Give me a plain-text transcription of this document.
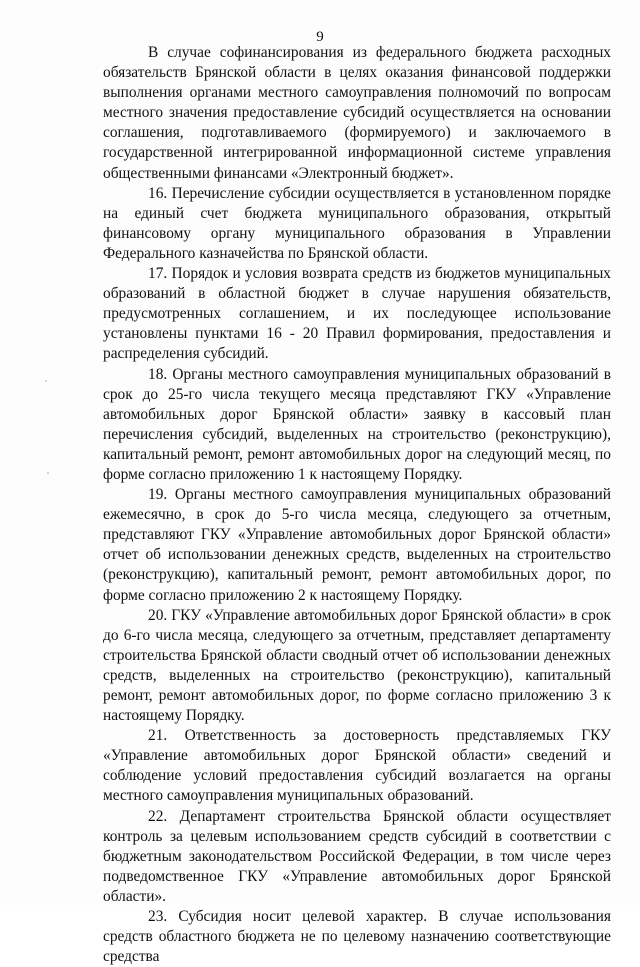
9

В случае софинансирования из федерального бюджета расходных обязательств Брянской области в целях оказания финансовой поддержки выполнения органами местного самоуправления полномочий по вопросам местного значения предоставление субсидий осуществляется на основании соглашения, подготавливаемого (формируемого) и заключаемого в государственной интегрированной информационной системе управления общественными финансами «Электронный бюджет».

16. Перечисление субсидии осуществляется в установленном порядке на единый счет бюджета муниципального образования, открытый финансовому органу муниципального образования в Управлении Федерального казначейства по Брянской области.

17. Порядок и условия возврата средств из бюджетов муниципальных образований в областной бюджет в случае нарушения обязательств, предусмотренных соглашением, и их последующее использование установлены пунктами 16 - 20 Правил формирования, предоставления и распределения субсидий.

18. Органы местного самоуправления муниципальных образований в срок до 25-го числа текущего месяца представляют ГКУ «Управление автомобильных дорог Брянской области» заявку в кассовый план перечисления субсидий, выделенных на строительство (реконструкцию), капитальный ремонт, ремонт автомобильных дорог на следующий месяц, по форме согласно приложению 1 к настоящему Порядку.

19. Органы местного самоуправления муниципальных образований ежемесячно, в срок до 5-го числа месяца, следующего за отчетным, представляют ГКУ «Управление автомобильных дорог Брянской области» отчет об использовании денежных средств, выделенных на строительство (реконструкцию), капитальный ремонт, ремонт автомобильных дорог, по форме согласно приложению 2 к настоящему Порядку.

20. ГКУ «Управление автомобильных дорог Брянской области» в срок до 6-го числа месяца, следующего за отчетным, представляет департаменту строительства Брянской области сводный отчет об использовании денежных средств, выделенных на строительство (реконструкцию), капитальный ремонт, ремонт автомобильных дорог, по форме согласно приложению 3 к настоящему Порядку.

21. Ответственность за достоверность представляемых ГКУ «Управление автомобильных дорог Брянской области» сведений и соблюдение условий предоставления субсидий возлагается на органы местного самоуправления муниципальных образований.

22. Департамент строительства Брянской области осуществляет контроль за целевым использованием средств субсидий в соответствии с бюджетным законодательством Российской Федерации, в том числе через подведомственное ГКУ «Управление автомобильных дорог Брянской области».

23. Субсидия носит целевой характер. В случае использования средств областного бюджета не по целевому назначению соответствующие средства
